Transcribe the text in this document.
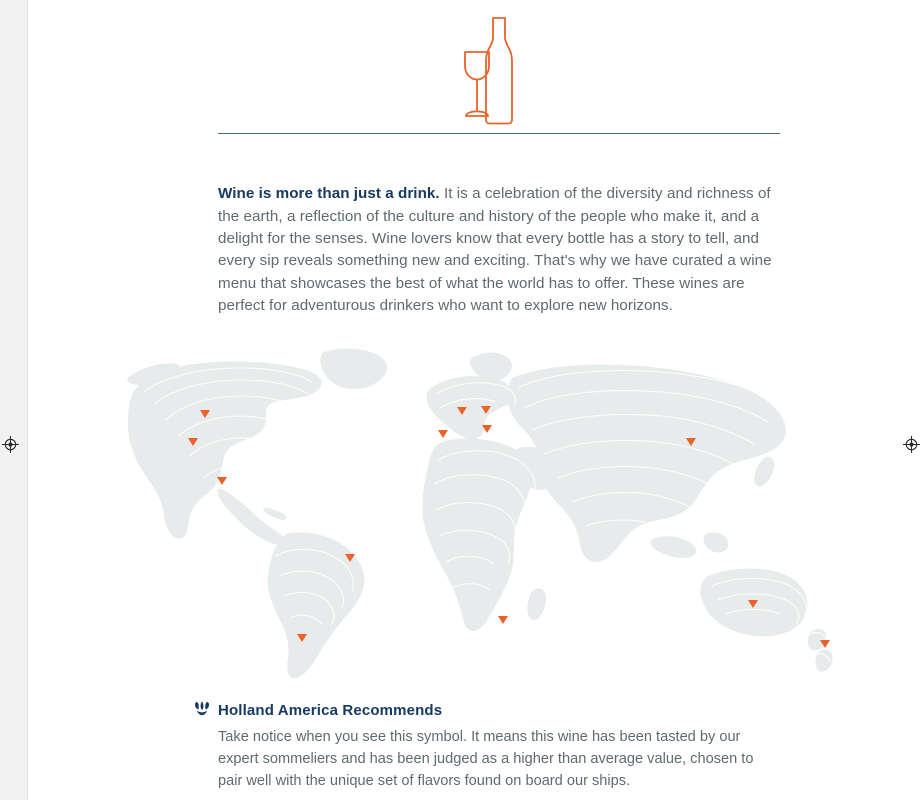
Wine is more than just a drink. It is a celebration of the diversity and richness of the earth, a reflection of the culture and history of the people who make it, and a delight for the senses. Wine lovers know that every bottle has a story to tell, and every sip reveals something new and exciting. That's why we have curated a wine menu that showcases the best of what the world has to offer. These wines are perfect for adventurous drinkers who want to explore new horizons.

Holland America Recommends
Take notice when you see this symbol. It means this wine has been tasted by our expert sommeliers and has been judged as a higher than average value, chosen to pair well with the unique set of flavors found on board our ships.
